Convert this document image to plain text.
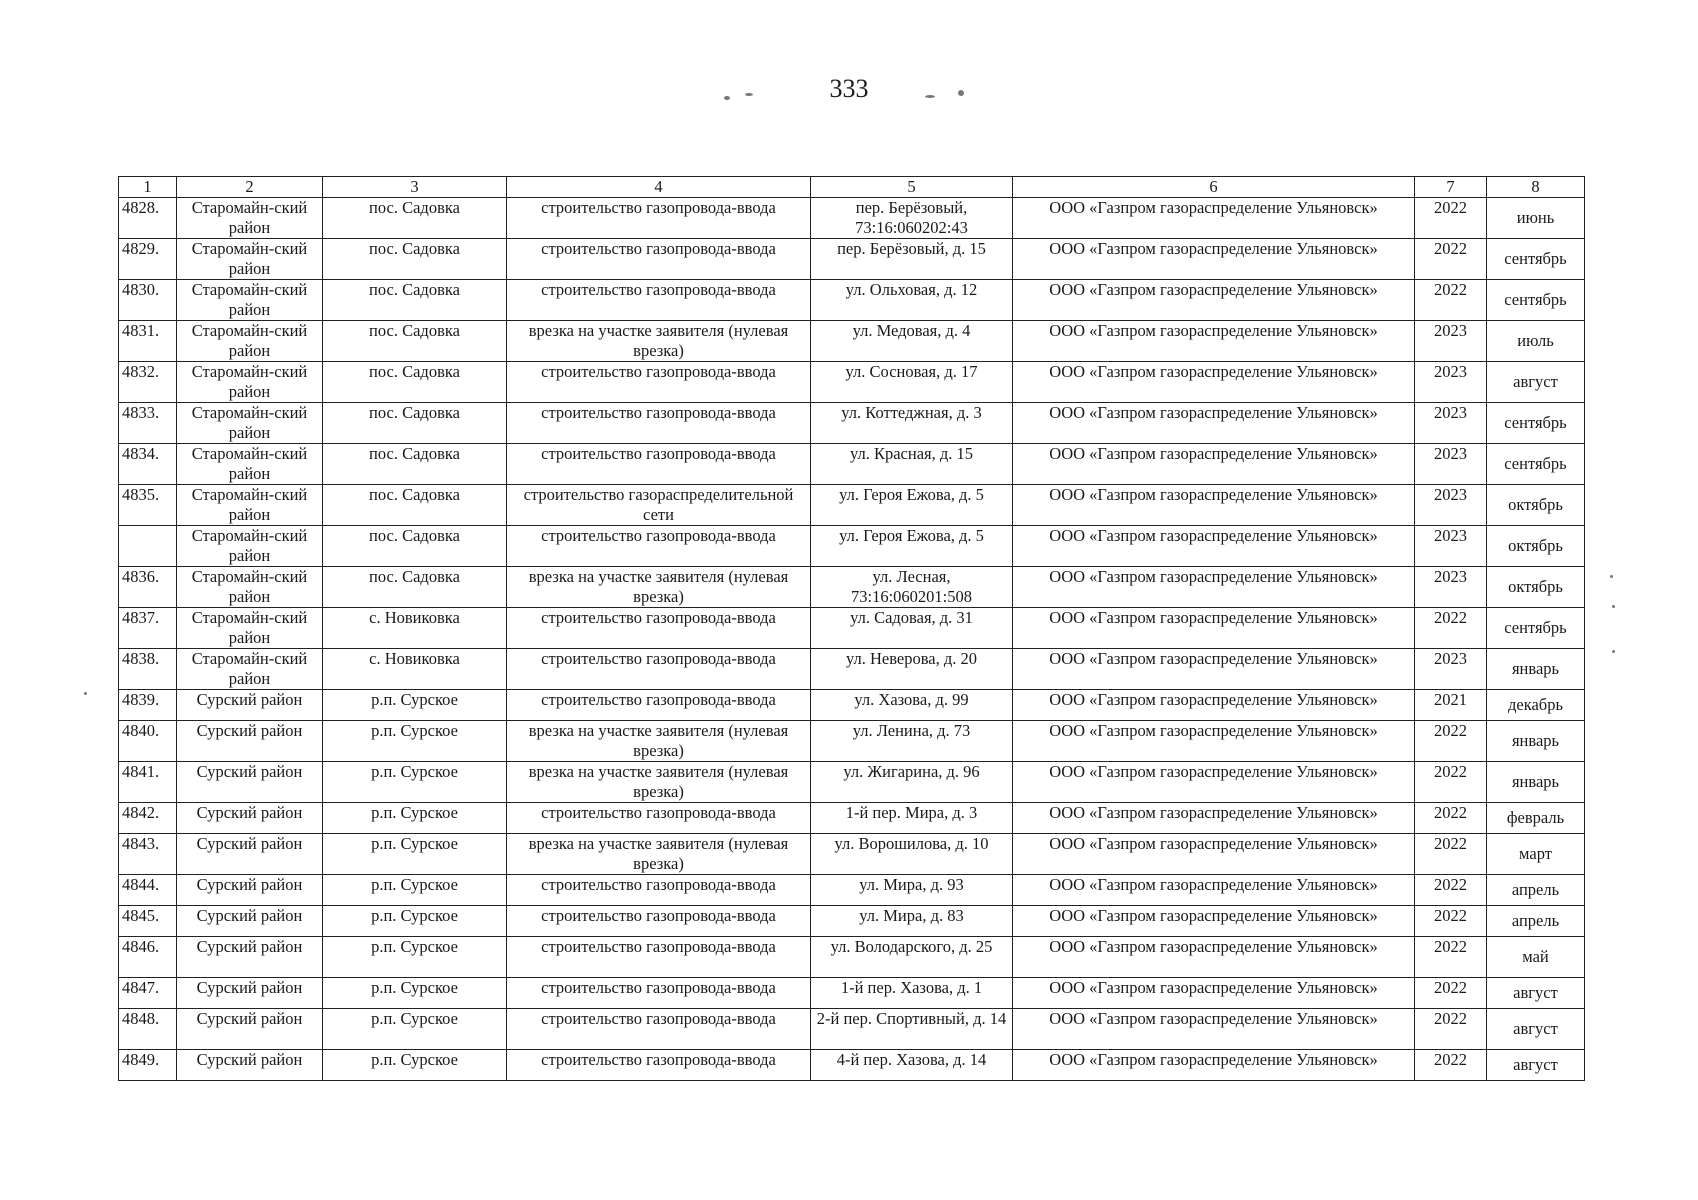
333
1	2	3	4	5	6	7	8
4828.	Старомайн-ский район	пос. Садовка	строительство газопровода-ввода	пер. Берёзовый, 73:16:060202:43	ООО «Газпром газораспределение Ульяновск»	2022	июнь
4829.	Старомайн-ский район	пос. Садовка	строительство газопровода-ввода	пер. Берёзовый, д. 15	ООО «Газпром газораспределение Ульяновск»	2022	сентябрь
4830.	Старомайн-ский район	пос. Садовка	строительство газопровода-ввода	ул. Ольховая, д. 12	ООО «Газпром газораспределение Ульяновск»	2022	сентябрь
4831.	Старомайн-ский район	пос. Садовка	врезка на участке заявителя (нулевая врезка)	ул. Медовая, д. 4	ООО «Газпром газораспределение Ульяновск»	2023	июль
4832.	Старомайн-ский район	пос. Садовка	строительство газопровода-ввода	ул. Сосновая, д. 17	ООО «Газпром газораспределение Ульяновск»	2023	август
4833.	Старомайн-ский район	пос. Садовка	строительство газопровода-ввода	ул. Коттеджная, д. 3	ООО «Газпром газораспределение Ульяновск»	2023	сентябрь
4834.	Старомайн-ский район	пос. Садовка	строительство газопровода-ввода	ул. Красная, д. 15	ООО «Газпром газораспределение Ульяновск»	2023	сентябрь
4835.	Старомайн-ский район	пос. Садовка	строительство газораспределительной сети	ул. Героя Ежова, д. 5	ООО «Газпром газораспределение Ульяновск»	2023	октябрь
	Старомайн-ский район	пос. Садовка	строительство газопровода-ввода	ул. Героя Ежова, д. 5	ООО «Газпром газораспределение Ульяновск»	2023	октябрь
4836.	Старомайн-ский район	пос. Садовка	врезка на участке заявителя (нулевая врезка)	ул. Лесная, 73:16:060201:508	ООО «Газпром газораспределение Ульяновск»	2023	октябрь
4837.	Старомайн-ский район	с. Новиковка	строительство газопровода-ввода	ул. Садовая, д. 31	ООО «Газпром газораспределение Ульяновск»	2022	сентябрь
4838.	Старомайн-ский район	с. Новиковка	строительство газопровода-ввода	ул. Неверова, д. 20	ООО «Газпром газораспределение Ульяновск»	2023	январь
4839.	Сурский район	р.п. Сурское	строительство газопровода-ввода	ул. Хазова, д. 99	ООО «Газпром газораспределение Ульяновск»	2021	декабрь
4840.	Сурский район	р.п. Сурское	врезка на участке заявителя (нулевая врезка)	ул. Ленина, д. 73	ООО «Газпром газораспределение Ульяновск»	2022	январь
4841.	Сурский район	р.п. Сурское	врезка на участке заявителя (нулевая врезка)	ул. Жигарина, д. 96	ООО «Газпром газораспределение Ульяновск»	2022	январь
4842.	Сурский район	р.п. Сурское	строительство газопровода-ввода	1-й пер. Мира, д. 3	ООО «Газпром газораспределение Ульяновск»	2022	февраль
4843.	Сурский район	р.п. Сурское	врезка на участке заявителя (нулевая врезка)	ул. Ворошилова, д. 10	ООО «Газпром газораспределение Ульяновск»	2022	март
4844.	Сурский район	р.п. Сурское	строительство газопровода-ввода	ул. Мира, д. 93	ООО «Газпром газораспределение Ульяновск»	2022	апрель
4845.	Сурский район	р.п. Сурское	строительство газопровода-ввода	ул. Мира, д. 83	ООО «Газпром газораспределение Ульяновск»	2022	апрель
4846.	Сурский район	р.п. Сурское	строительство газопровода-ввода	ул. Володарского, д. 25	ООО «Газпром газораспределение Ульяновск»	2022	май
4847.	Сурский район	р.п. Сурское	строительство газопровода-ввода	1-й пер. Хазова, д. 1	ООО «Газпром газораспределение Ульяновск»	2022	август
4848.	Сурский район	р.п. Сурское	строительство газопровода-ввода	2-й пер. Спортивный, д. 14	ООО «Газпром газораспределение Ульяновск»	2022	август
4849.	Сурский район	р.п. Сурское	строительство газопровода-ввода	4-й пер. Хазова, д. 14	ООО «Газпром газораспределение Ульяновск»	2022	август
